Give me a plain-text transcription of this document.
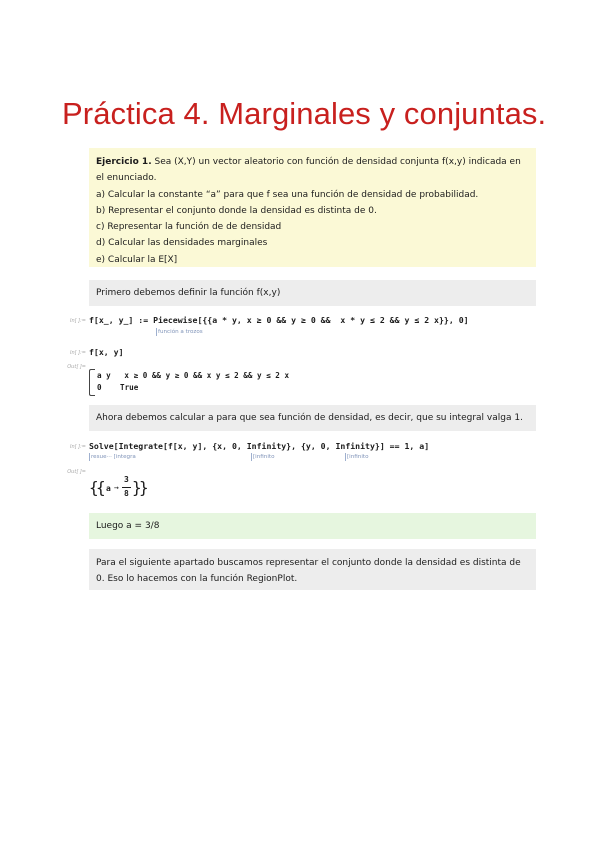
Práctica 4. Marginales y conjuntas.

Ejercicio 1. Sea (X,Y) un vector aleatorio con función de densidad conjunta f(x,y) indicada en el enunciado.

a) Calcular la constante “a” para que f sea una función de densidad de probabilidad.

b) Representar el conjunto donde la densidad es distinta de 0.

c) Representar la función de de densidad

d) Calcular las densidades marginales

e) Calcular la E[X]

Primero debemos definir la función f(x,y)

In[ ]:= f[x_, y_] := Piecewise[{{a * y, x ≥ 0 && y ≥ 0 &&  x * y ≤ 2 && y ≤ 2 x}}, 0]
función a trozos
In[ ]:= f[x, y]
Out[ ]=
a y   x ≥ 0 && y ≥ 0 && x y ≤ 2 && y ≤ 2 x
0 True

Ahora debemos calcular a para que sea función de densidad, es decir, que su integral valga 1.

In[ ]:= Solve[Integrate[f[x, y], {x, 0, Infinity}, {y, 0, Infinity}] == 1, a]
resue··· [integra	[infinito	[infinito
Out[ ]=
{
{ a →
3
8 }
}

Luego a = 3/8

Para el siguiente apartado buscamos representar el conjunto donde la densidad es distinta de 0. Eso lo hacemos con la función RegionPlot.
